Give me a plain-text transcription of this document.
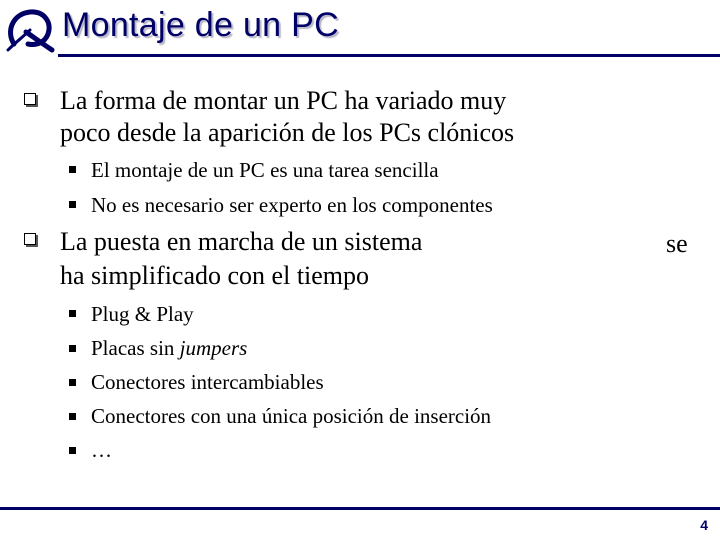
Montaje de un PC
La forma de montar un PC ha variado muy
poco desde la aparición de los PCs clónicos
El montaje de un PC es una tarea sencilla
No es necesario ser experto en los componentes
La puesta en marcha de un sistema	se
ha simplificado con el tiempo
Plug & Play
Placas sin jumpers
Conectores intercambiables
Conectores con una única posición de inserción
…
4
